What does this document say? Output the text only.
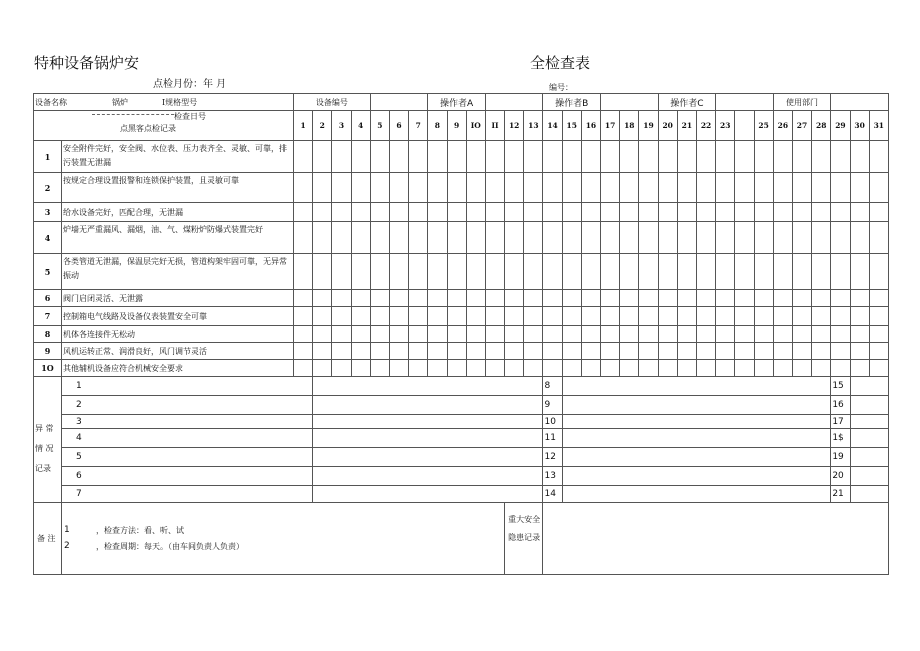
特种设备锅炉安	全检查表
点检月份：年 月	编号：
设备名称 锅炉 Ⅰ规格型号		设备编号							操作者A						操作者B						操作者C						使用部门					

检查日号
点黑客点检记录		1	2	3	4	5	6	7	8	9	IO	II	12	13	14	15	16	17	18	19	20	21	22	23		25	26	27	28	29	30	31
1	安全附件完好，安全阀、水位表、压力表齐全、灵敏、可靠，排污装置无泄漏																															
2	按规定合理设置报警和连锁保护装置，且灵敏可靠																															
3	给水设备完好，匹配合理，无泄漏																															
4	炉墙无严重漏风、漏烟，油、气、煤粉炉防爆式装置完好																															
5	各类管道无泄漏，保温层完好无损，管道构架牢固可靠，无异常振动																															
6	阀门启闭灵活、无泄露																															
7	控制箱电气线路及设备仪表装置安全可靠																															
8	机体各连接件无松动																															
9	风机运转正常、润滑良好，风门调节灵活																															
1O	其他辅机设备应符合机械安全要求																															
异 常 情 况 记录	1														8															15		
	2														9															16		
	3														10															17		
	4														11															1$		
	5														12															19		
	6														13															20		
	7														14															21		
备 注	1 ，检查方法：看、听、试
2 ，检查周期：每天。（由车间负责人负责）												重大安全隐患记录																			
